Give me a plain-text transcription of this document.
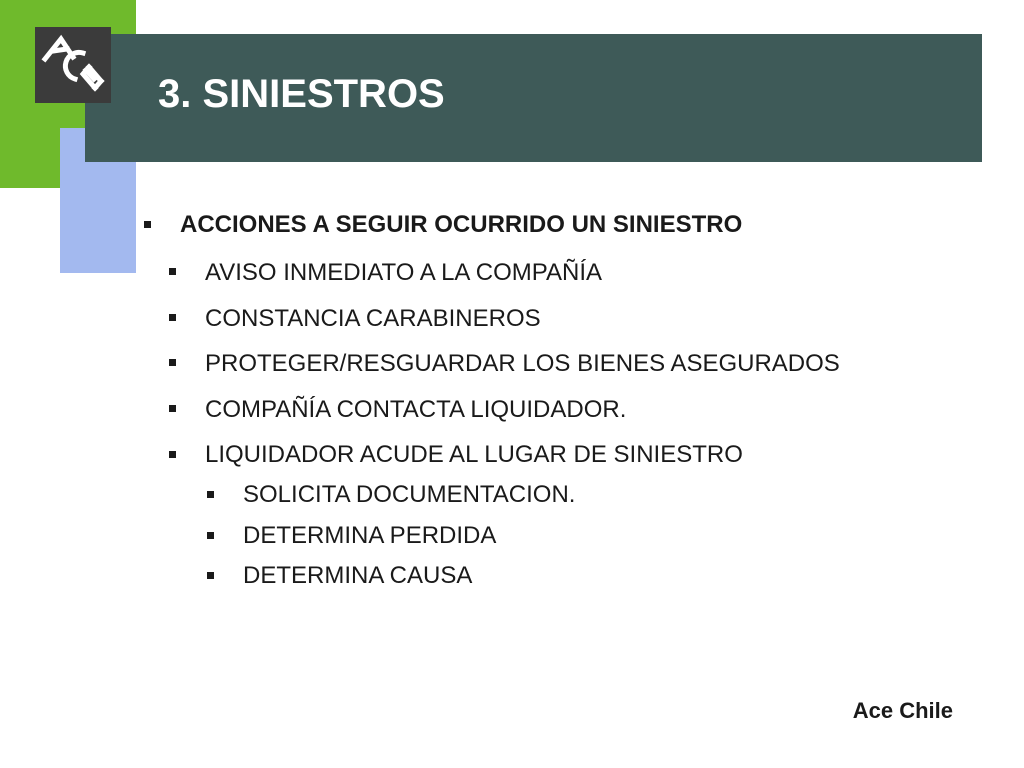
3. SINIESTROS
ACCIONES A SEGUIR OCURRIDO UN SINIESTRO
AVISO INMEDIATO A LA COMPAÑÍA
CONSTANCIA CARABINEROS
PROTEGER/RESGUARDAR LOS BIENES ASEGURADOS
COMPAÑÍA CONTACTA LIQUIDADOR.
LIQUIDADOR ACUDE AL LUGAR DE SINIESTRO
SOLICITA DOCUMENTACION.
DETERMINA PERDIDA
DETERMINA CAUSA
Ace Chile
